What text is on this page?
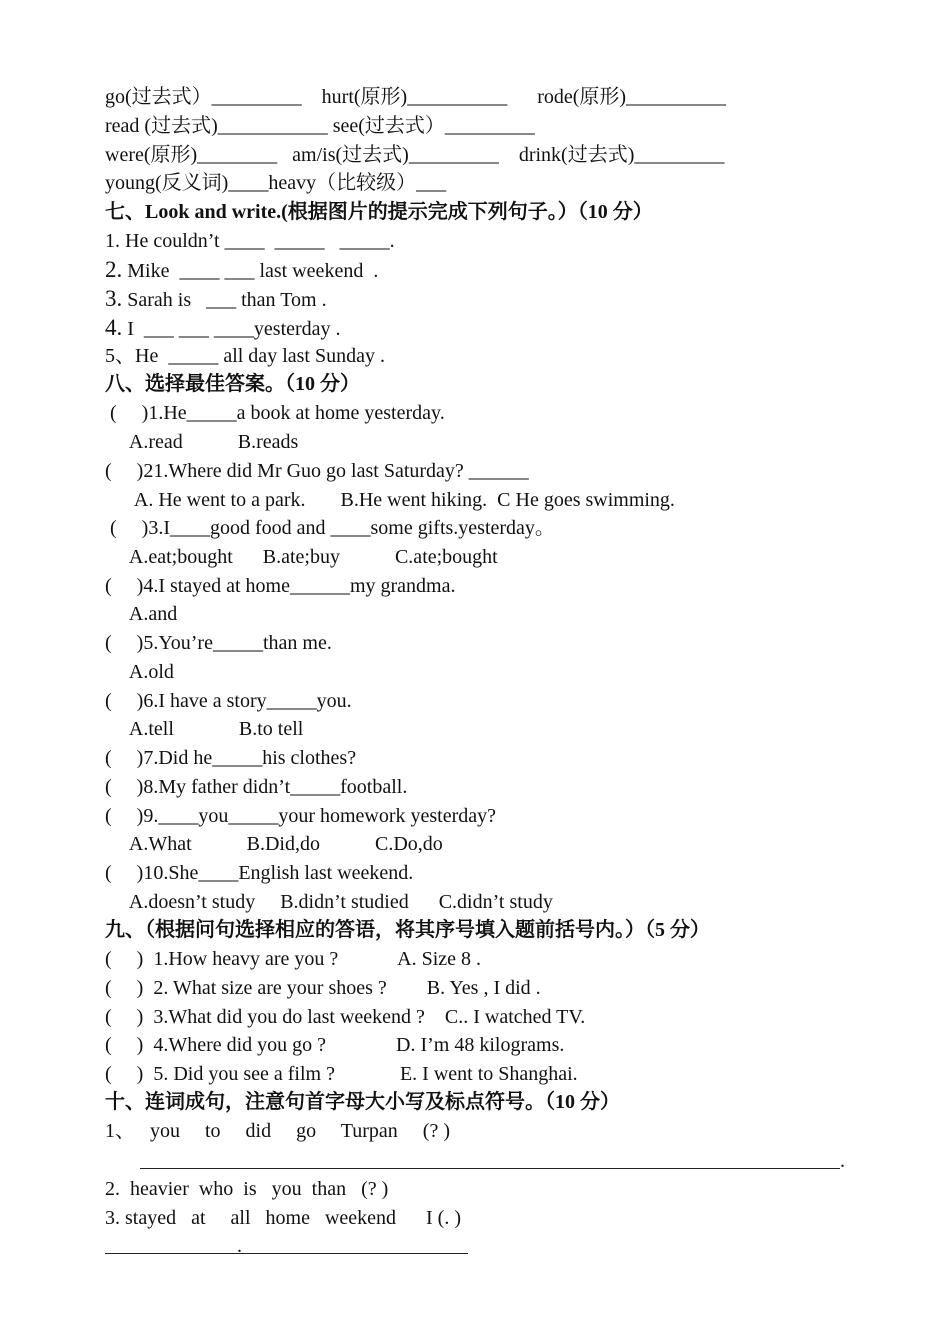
go(过去式）_________    hurt(原形)__________      rode(原形)__________
read (过去式)___________ see(过去式）_________
were(原形)________   am/is(过去式)_________    drink(过去式)_________
young(反义词)____heavy（比较级）___
七、Look and write.(根据图片的提示完成下列句子。）（10 分）
1. He couldn’t ____  _____   _____.
2. Mike  ____ ___ last weekend  .
3. Sarah is   ___ than Tom .
4. I  ___ ___ ____yesterday .
5、He  _____ all day last Sunday .
八、选择最佳答案。（10 分）
(     )1.He_____a book at home yesterday.
A.read           B.reads
(     )21.Where did Mr Guo go last Saturday? ______
A. He went to a park.       B.He went hiking.  C He goes swimming.
(     )3.I____good food and ____some gifts.yesterday。
A.eat;bought      B.ate;buy           C.ate;bought
(     )4.I stayed at home______my grandma.
A.and
(     )5.You’re_____than me.
A.old
(     )6.I have a story_____you.
A.tell             B.to tell
(     )7.Did he_____his clothes?
(     )8.My father didn’t_____football.
(     )9.____you_____your homework yesterday?
A.What           B.Did,do           C.Do,do
(     )10.She____English last weekend.
A.doesn’t study     B.didn’t studied      C.didn’t study
九、（根据问句选择相应的答语，将其序号填入题前括号内。）（5 分）
(     )  1.How heavy are you ?            A. Size 8 .
(     )  2. What size are your shoes ?        B. Yes , I did .
(     )  3.What did you do last weekend ?    C.. I watched TV.
(     )  4.Where did you go ?              D. I’m 48 kilograms.
(     )  5. Did you see a film ?             E. I went to Shanghai.
十、连词成句，注意句首字母大小写及标点符号。（10 分）
1、   you     to     did     go     Turpan     (? )
.
2.  heavier  who  is   you  than   (? )
3. stayed   at     all   home   weekend      I (. )
.
